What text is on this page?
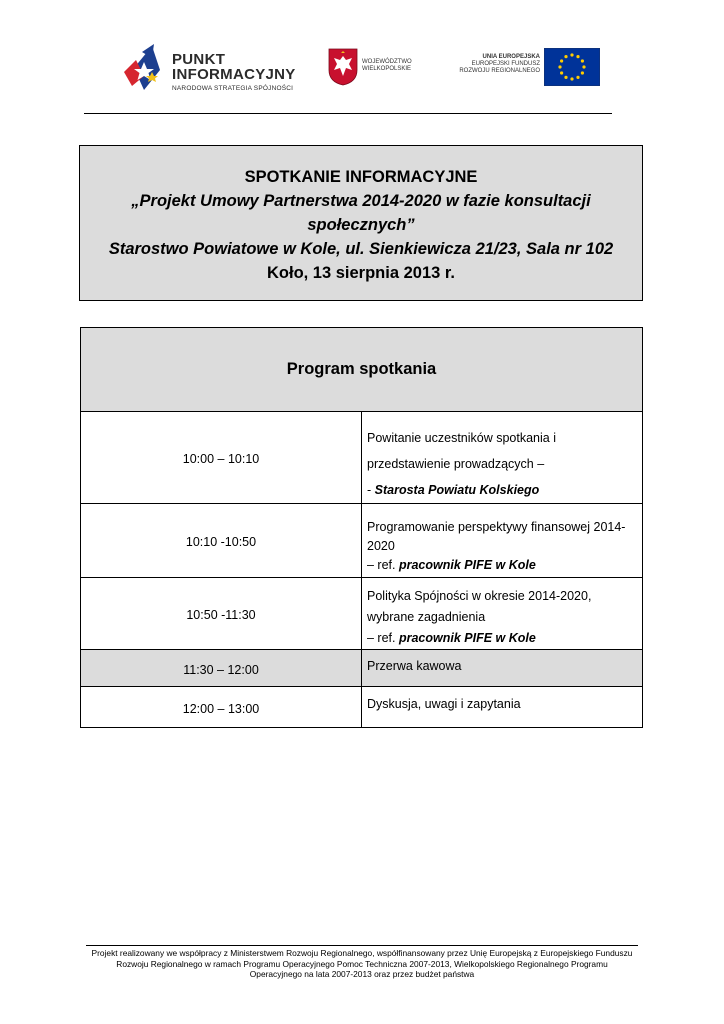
PUNKT
INFORMACYJNY
NARODOWA STRATEGIA SPÓJNOŚCI
WOJEWÓDZTWO
WIELKOPOLSKIE
UNIA EUROPEJSKA
EUROPEJSKI FUNDUSZ
ROZWOJU REGIONALNEGO
SPOTKANIE INFORMACYJNE
„Projekt Umowy Partnerstwa 2014-2020 w fazie konsultacji
społecznych”
Starostwo Powiatowe w Kole, ul. Sienkiewicza 21/23, Sala nr 102
Koło, 13 sierpnia 2013 r.
Program spotkania	
10:00 – 10:10	Powitanie uczestników spotkania i przedstawienie prowadzących –
- Starosta Powiatu Kolskiego

10:10 -10:50	Programowanie perspektywy finansowej 2014-2020
– ref. pracownik PIFE w Kole

10:50 -11:30	Polityka Spójności w okresie 2014-2020, wybrane zagadnienia
– ref. pracownik PIFE w Kole

11:30 – 12:00	Przerwa kawowa

12:00 – 13:00	Dyskusja, uwagi i zapytania
Projekt realizowany we współpracy z Ministerstwem Rozwoju Regionalnego, współfinansowany przez Unię Europejską z Europejskiego Funduszu
Rozwoju Regionalnego w ramach Programu Operacyjnego Pomoc Techniczna 2007-2013, Wielkopolskiego Regionalnego Programu
Operacyjnego na lata 2007-2013 oraz przez budżet państwa
